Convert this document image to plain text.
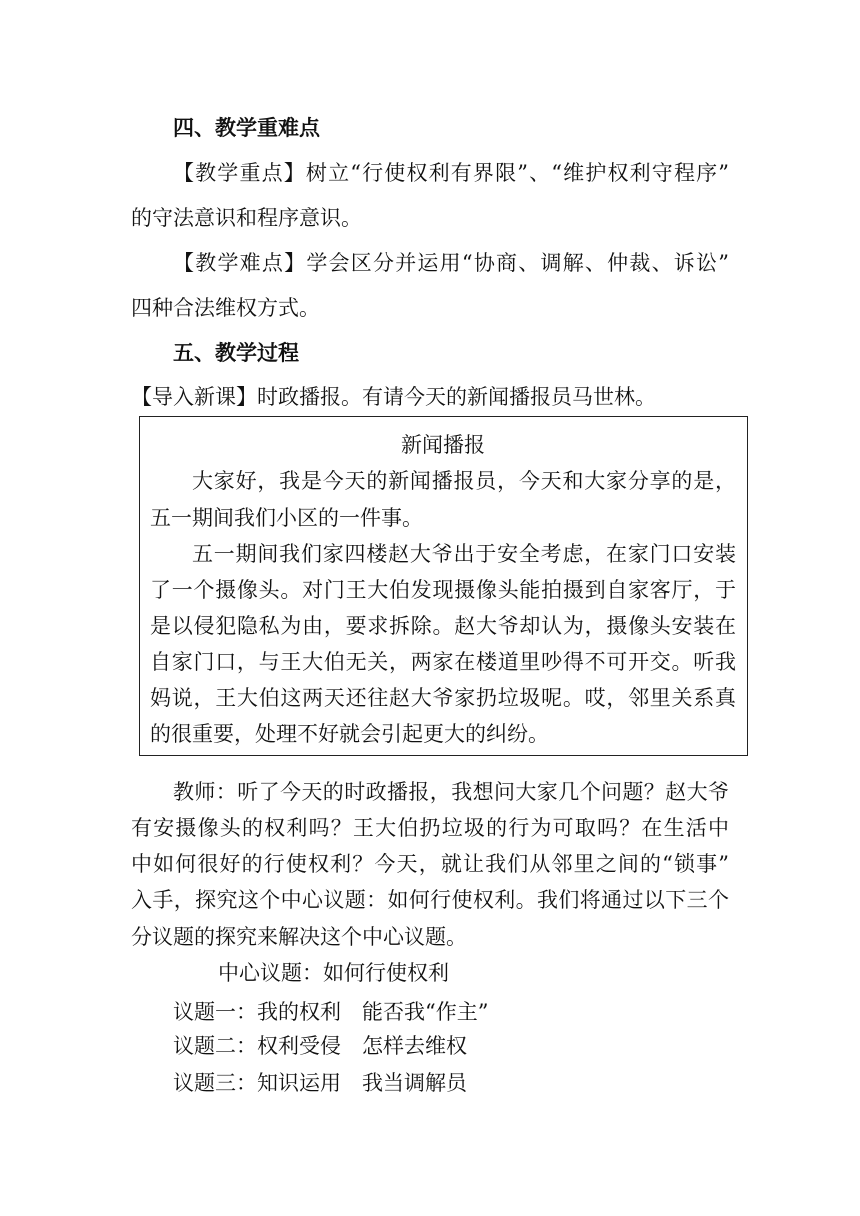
四、教学重难点
【教学重点】树立“行使权利有界限”、“维护权利守程序”
的守法意识和程序意识。
【教学难点】学会区分并运用“协商、调解、仲裁、诉讼”
四种合法维权方式。
五、教学过程
【导入新课】时政播报。有请今天的新闻播报员马世林。
新闻播报
大家好，我是今天的新闻播报员，今天和大家分享的是，
五一期间我们小区的一件事。
五一期间我们家四楼赵大爷出于安全考虑，在家门口安装
了一个摄像头。对门王大伯发现摄像头能拍摄到自家客厅，于
是以侵犯隐私为由，要求拆除。赵大爷却认为，摄像头安装在
自家门口，与王大伯无关，两家在楼道里吵得不可开交。听我
妈说，王大伯这两天还往赵大爷家扔垃圾呢。哎，邻里关系真
的很重要，处理不好就会引起更大的纠纷。
教师：听了今天的时政播报，我想问大家几个问题？赵大爷
有安摄像头的权利吗？王大伯扔垃圾的行为可取吗？在生活中
中如何很好的行使权利？今天，就让我们从邻里之间的“锁事”
入手，探究这个中心议题：如何行使权利。我们将通过以下三个
分议题的探究来解决这个中心议题。
中心议题：如何行使权利
议题一：我的权利　能否我“作主”
议题二：权利受侵　怎样去维权
议题三：知识运用　我当调解员
